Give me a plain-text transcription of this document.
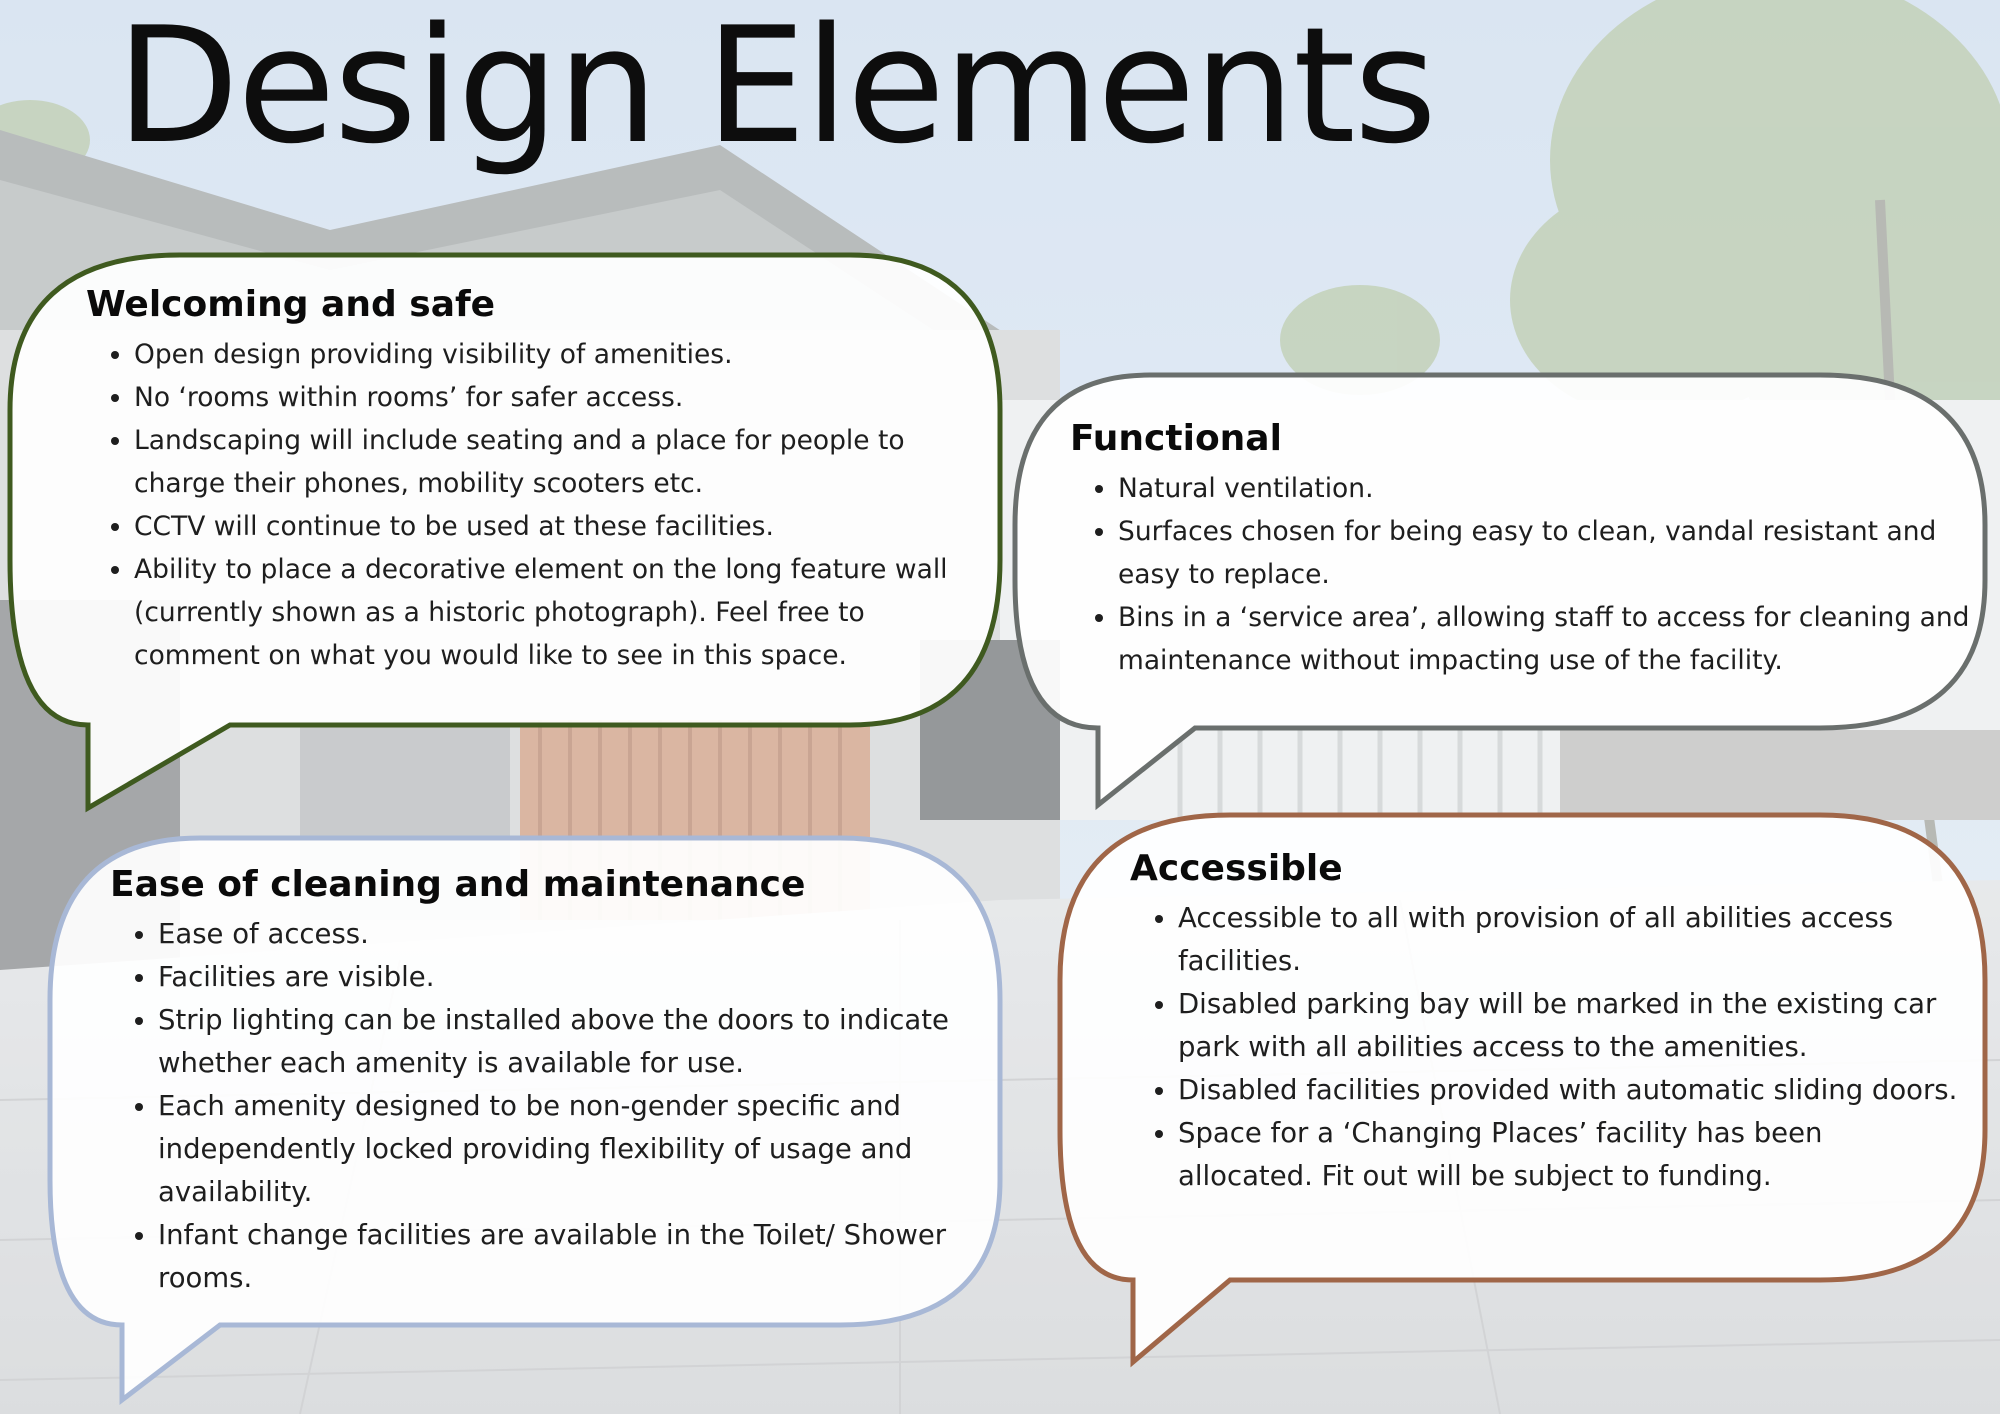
Design Elements
Welcoming and safe
• Open design providing visibility of amenities.
• No ‘rooms within rooms’ for safer access.
• Landscaping will include seating and a place for people to charge their phones, mobility scooters etc.
• CCTV will continue to be used at these facilities.
• Ability to place a decorative element on the long feature wall (currently shown as a historic photograph). Feel free to comment on what you would like to see in this space.
Functional
• Natural ventilation.
• Surfaces chosen for being easy to clean, vandal resistant and easy to replace.
• Bins in a ‘service area’, allowing staff to access for cleaning and maintenance without impacting use of the facility.
Ease of cleaning and maintenance
• Ease of access.
• Facilities are visible.
• Strip lighting can be installed above the doors to indicate whether each amenity is available for use.
• Each amenity designed to be non-gender specific and independently locked providing flexibility of usage and availability.
• Infant change facilities are available in the Toilet/ Shower rooms.
Accessible
• Accessible to all with provision of all abilities access facilities.
• Disabled parking bay will be marked in the existing car park with all abilities access to the amenities.
• Disabled facilities provided with automatic sliding doors.
• Space for a ‘Changing Places’ facility has been allocated. Fit out will be subject to funding.
